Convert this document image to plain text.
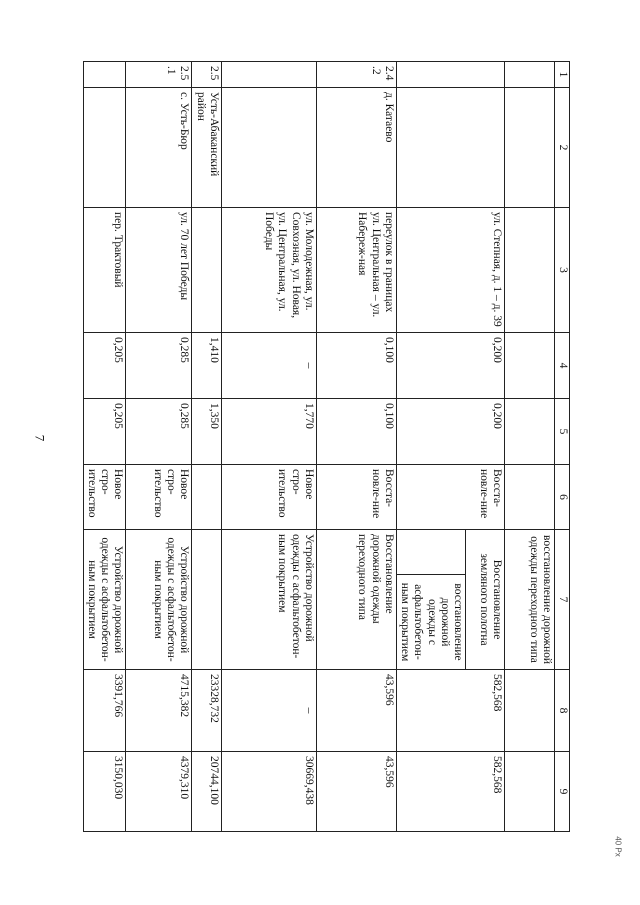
7
40 Px
1	2	3	4	5	6	7		8	9
						восстановление дорожной одежды переходного типа			
		ул. Степная, д. 1 – д. 39	0,200	0,200	Восста-новле-ние	Восстановление земляного полотна		582,568	582,568
							восстановление дорожной одежды с асфальтобетон-ным покрытием		
2.4.2	д. Катаево	переулок в границах ул. Центральная – ул. Набереж-ная	0,100	0,100	Восста-новле-ние	Восстановление дорожной одежды переходного типа		43,596	43,596
		ул. Молодежная, ул. Совхозная, ул. Новая, ул. Центральная, ул. Победы	–	1,770	Новое стро-ительство	Устройство дорожной одежды с асфальтобетон-ным покрытием		–	30669,438
2.5	Усть-Абаканский район		1,410	1,350				23328,732	20744,100
2.5.1	с. Усть-Бюр	ул. 70 лет Победы	0,285	0,285	Новое стро-ительство	Устройство дорожной одежды с асфальтобетон-ным покрытием		4715,382	4379,310
		пер. Трактовый	0,205	0,205	Новое стро-ительство	Устройство дорожной одежды с асфальтобетон-ным покрытием		3391,766	3150,030
